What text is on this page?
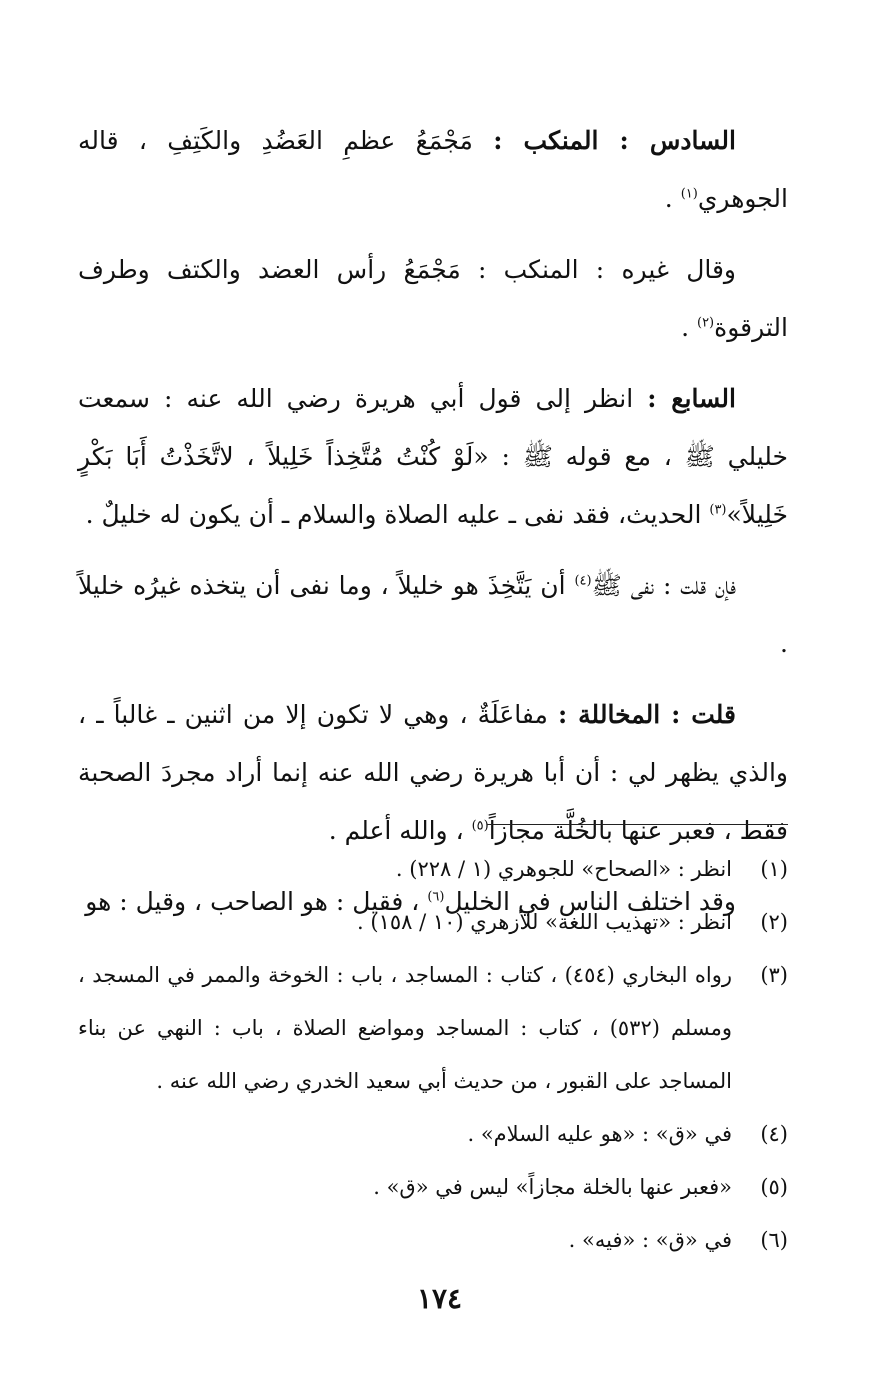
السادس : المنكب : مَجْمَعُ عظمِ العَضُدِ والكَتِفِ ، قاله الجوهري$^{(١)}$ .

وقال غيره : المنكب : مَجْمَعُ رأس العضد والكتف وطرف الترقوة$^{(٢)}$ .

السابع : انظر إلى قول أبي هريرة رضي الله عنه : سمعت خليلي ﷺ ، مع قوله ﷺ : «لَوْ كُنْتُ مُتَّخِذاً خَلِيلاً ، لاتَّخَذْتُ أَبَا بَكْرٍ خَلِيلاً»$^{(٣)}$ الحديث، فقد نفى ـ عليه الصلاة والسلام ـ أن يكون له خليلٌ .

فإن قلت : نفى ﷺ$^{(٤)}$ أن يَتَّخِذَ هو خليلاً ، وما نفى أن يتخذه غيرُه خليلاً .

قلت : المخاللة : مفاعَلَةٌ ، وهي لا تكون إلا من اثنين ـ غالباً ـ ، والذي يظهر لي : أن أبا هريرة رضي الله عنه إنما أراد مجردَ الصحبة فقط ، فعبر عنها بالخُلَّة مجازاً$^{(٥)}$ ، والله أعلم .

وقد اختلف الناس في الخليل$^{(٦)}$ ، فقيل : هو الصاحب ، وقيل : هو

(١)
انظر : «الصحاح» للجوهري (١ / ٢٢٨) .
(٢)
انظر : «تهذيب اللغة» للأزهري (١٠ / ١٥٨) .
(٣)
رواه البخاري (٤٥٤) ، كتاب : المساجد ، باب : الخوخة والممر في المسجد ، ومسلم (٥٣٢) ، كتاب : المساجد ومواضع الصلاة ، باب : النهي عن بناء المساجد على القبور ، من حديث أبي سعيد الخدري رضي الله عنه .
(٤)
في «ق» : «هو عليه السلام» .
(٥)
«فعبر عنها بالخلة مجازاً» ليس في «ق» .
(٦)
في «ق» : «فيه» .
١٧٤
